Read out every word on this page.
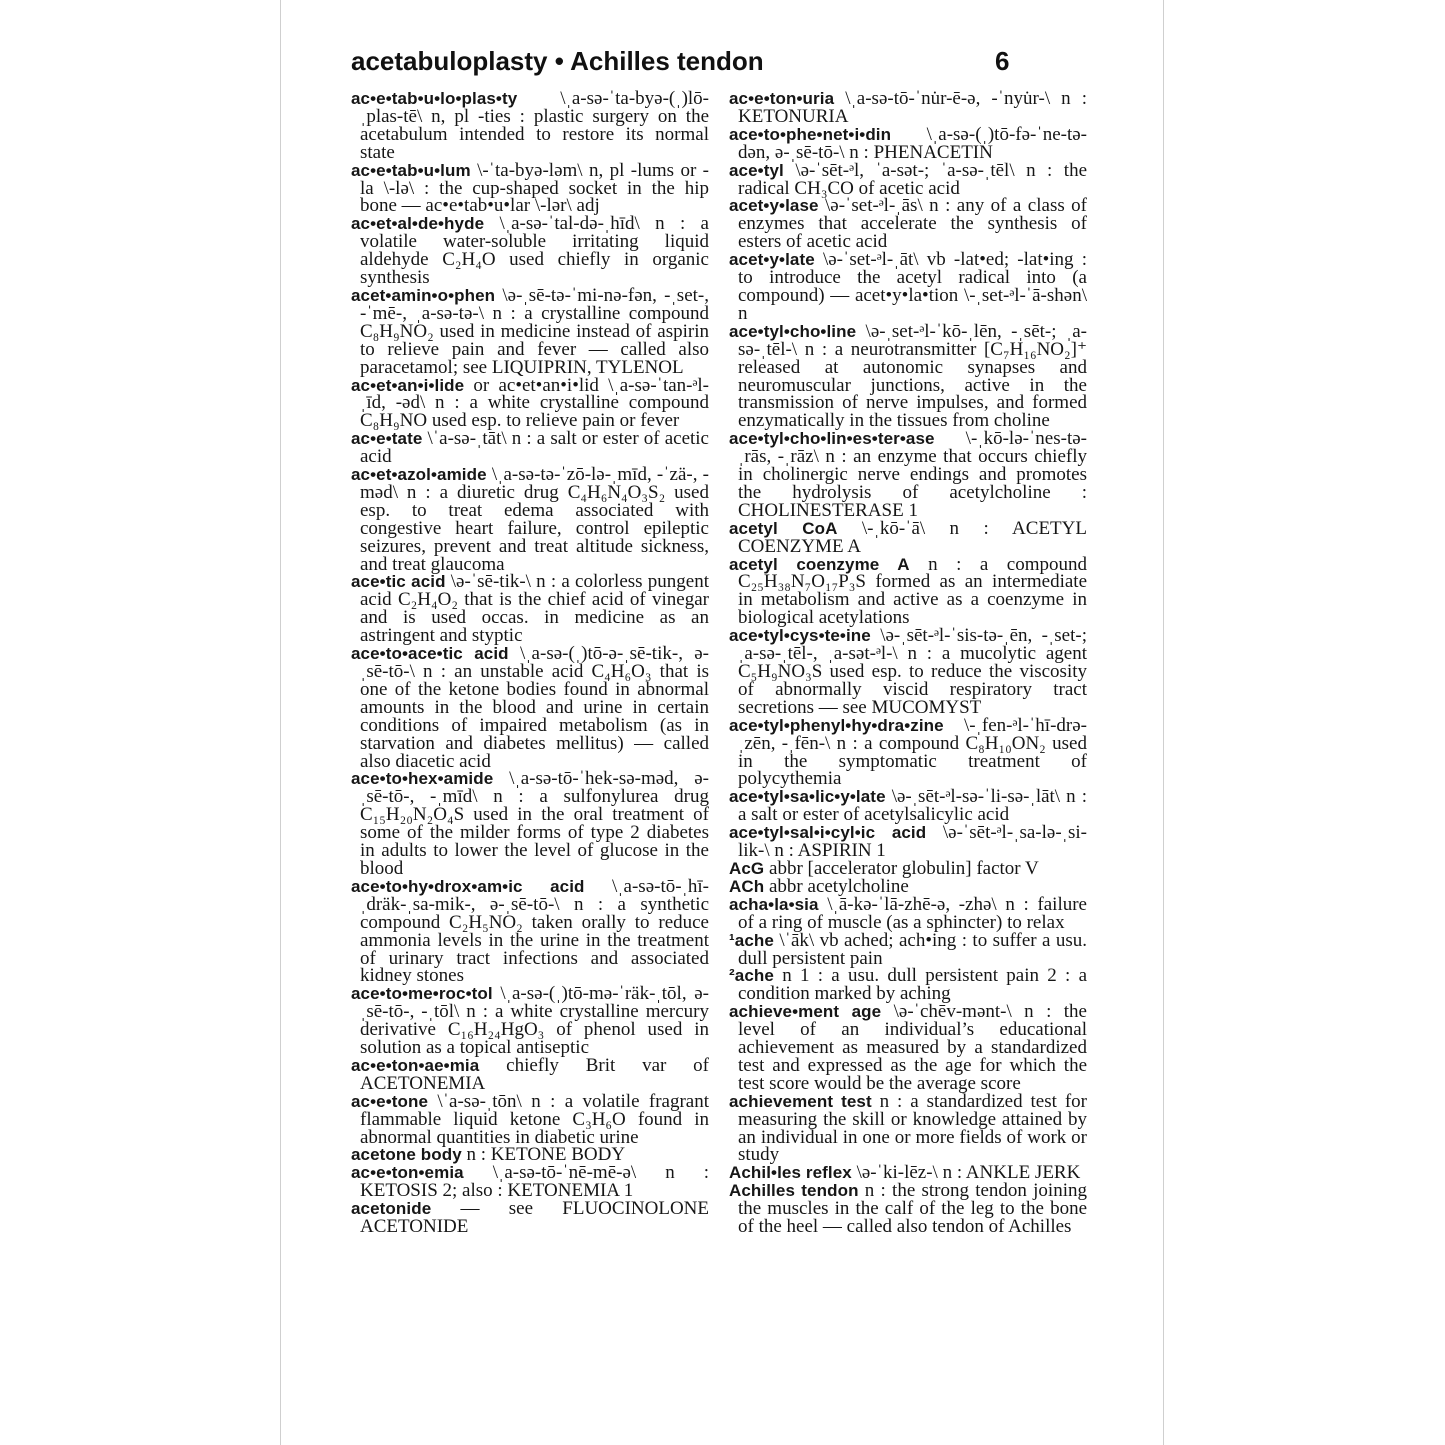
acetabuloplasty • Achilles tendon	6

ac•e•tab•u•lo•plas•ty \ˌa-sə-ˈta-byə-(ˌ)lō-ˌplas-tē\ n, pl -ties : plastic surgery on the acetabulum intended to restore its normal state

ac•e•tab•u•lum \-ˈta-byə-ləm\ n, pl -lums or -la \-lə\ : the cup-shaped socket in the hip bone — ac•e•tab•u•lar \-lər\ adj

ac•et•al•de•hyde \ˌa-sə-ˈtal-də-ˌhīd\ n : a volatile water-soluble irritating liquid aldehyde C₂H₄O used chiefly in organic synthesis

acet•amin•o•phen \ə-ˌsē-tə-ˈmi-nə-fən, -ˌset-, -ˈmē-, ˌa-sə-tə-\ n : a crystalline compound C₈H₉NO₂ used in medicine instead of aspirin to relieve pain and fever — called also paracetamol; see LIQUIPRIN, TYLENOL

ac•et•an•i•lide or ac•et•an•i•lid \ˌa-sə-ˈtan-ᵊl-ˌīd, -əd\ n : a white crystalline compound C₈H₉NO used esp. to relieve pain or fever

ac•e•tate \ˈa-sə-ˌtāt\ n : a salt or ester of acetic acid

ac•et•azol•amide \ˌa-sə-tə-ˈzō-lə-ˌmīd, -ˈzä-, -məd\ n : a diuretic drug C₄H₆N₄O₃S₂ used esp. to treat edema associated with congestive heart failure, control epileptic seizures, prevent and treat altitude sickness, and treat glaucoma

ace•tic acid \ə-ˈsē-tik-\ n : a colorless pungent acid C₂H₄O₂ that is the chief acid of vinegar and is used occas. in medicine as an astringent and styptic

ace•to•ace•tic acid \ˌa-sə-(ˌ)tō-ə-ˌsē-tik-, ə-ˌsē-tō-\ n : an unstable acid C₄H₆O₃ that is one of the ketone bodies found in abnormal amounts in the blood and urine in certain conditions of impaired metabolism (as in starvation and diabetes mellitus) — called also diacetic acid

ace•to•hex•amide \ˌa-sə-tō-ˈhek-sə-məd, ə-ˌsē-tō-, -ˌmīd\ n : a sulfonylurea drug C₁₅H₂₀N₂O₄S used in the oral treatment of some of the milder forms of type 2 diabetes in adults to lower the level of glucose in the blood

ace•to•hy•drox•am•ic acid \ˌa-sə-tō-ˌhī-ˌdräk-ˌsa-mik-, ə-ˌsē-tō-\ n : a synthetic compound C₂H₅NO₂ taken orally to reduce ammonia levels in the urine in the treatment of urinary tract infections and associated kidney stones

ace•to•me•roc•tol \ˌa-sə-(ˌ)tō-mə-ˈräk-ˌtōl, ə-ˌsē-tō-, -ˌtōl\ n : a white crystalline mercury derivative C₁₆H₂₄HgO₃ of phenol used in solution as a topical antiseptic

ac•e•ton•ae•mia chiefly Brit var of ACETONEMIA

ac•e•tone \ˈa-sə-ˌtōn\ n : a volatile fragrant flammable liquid ketone C₃H₆O found in abnormal quantities in diabetic urine

acetone body n : KETONE BODY

ac•e•ton•emia \ˌa-sə-tō-ˈnē-mē-ə\ n : KETOSIS 2; also : KETONEMIA 1

acetonide — see FLUOCINOLONE ACETONIDE

ac•e•ton•uria \ˌa-sə-tō-ˈnu̇r-ē-ə, -ˈnyu̇r-\ n : KETONURIA

ace•to•phe•net•i•din \ˌa-sə-(ˌ)tō-fə-ˈne-tə-dən, ə-ˌsē-tō-\ n : PHENACETIN

ace•tyl \ə-ˈsēt-ᵊl, ˈa-sət-; ˈa-sə-ˌtēl\ n : the radical CH₃CO of acetic acid

acet•y•lase \ə-ˈset-ᵊl-ˌās\ n : any of a class of enzymes that accelerate the synthesis of esters of acetic acid

acet•y•late \ə-ˈset-ᵊl-ˌāt\ vb -lat•ed; -lat•ing : to introduce the acetyl radical into (a compound) — acet•y•la•tion \-ˌset-ᵊl-ˈā-shən\ n

ace•tyl•cho•line \ə-ˌset-ᵊl-ˈkō-ˌlēn, -ˌsēt-; ˌa-sə-ˌtēl-\ n : a neurotransmitter [C₇H₁₆NO₂]⁺ released at autonomic synapses and neuromuscular junctions, active in the transmission of nerve impulses, and formed enzymatically in the tissues from choline

ace•tyl•cho•lin•es•ter•ase \-ˌkō-lə-ˈnes-tə-ˌrās, -ˌrāz\ n : an enzyme that occurs chiefly in cholinergic nerve endings and promotes the hydrolysis of acetylcholine : CHOLINESTERASE 1

acetyl CoA \-ˌkō-ˈā\ n : ACETYL COENZYME A

acetyl coenzyme A n : a compound C₂₅H₃₈N₇O₁₇P₃S formed as an intermediate in metabolism and active as a coenzyme in biological acetylations

ace•tyl•cys•te•ine \ə-ˌsēt-ᵊl-ˈsis-tə-ˌēn, -ˌset-; ˌa-sə-ˌtēl-, ˌa-sət-ᵊl-\ n : a mucolytic agent C₅H₉NO₃S used esp. to reduce the viscosity of abnormally viscid respiratory tract secretions — see MUCOMYST

ace•tyl•phenyl•hy•dra•zine \-ˌfen-ᵊl-ˈhī-drə-ˌzēn, -ˌfēn-\ n : a compound C₈H₁₀ON₂ used in the symptomatic treatment of polycythemia

ace•tyl•sa•lic•y•late \ə-ˌsēt-ᵊl-sə-ˈli-sə-ˌlāt\ n : a salt or ester of acetylsalicylic acid

ace•tyl•sal•i•cyl•ic acid \ə-ˈsēt-ᵊl-ˌsa-lə-ˌsi-lik-\ n : ASPIRIN 1

AcG abbr [accelerator globulin] factor V

ACh abbr acetylcholine

acha•la•sia \ˌā-kə-ˈlā-zhē-ə, -zhə\ n : failure of a ring of muscle (as a sphincter) to relax

¹ache \ˈāk\ vb ached; ach•ing : to suffer a usu. dull persistent pain

²ache n 1 : a usu. dull persistent pain 2 : a condition marked by aching

achieve•ment age \ə-ˈchēv-mənt-\ n : the level of an individual’s educational achievement as measured by a standardized test and expressed as the age for which the test score would be the average score

achievement test n : a standardized test for measuring the skill or knowledge attained by an individual in one or more fields of work or study

Achil•les reflex \ə-ˈki-lēz-\ n : ANKLE JERK

Achilles tendon n : the strong tendon joining the muscles in the calf of the leg to the bone of the heel — called also tendon of Achilles
